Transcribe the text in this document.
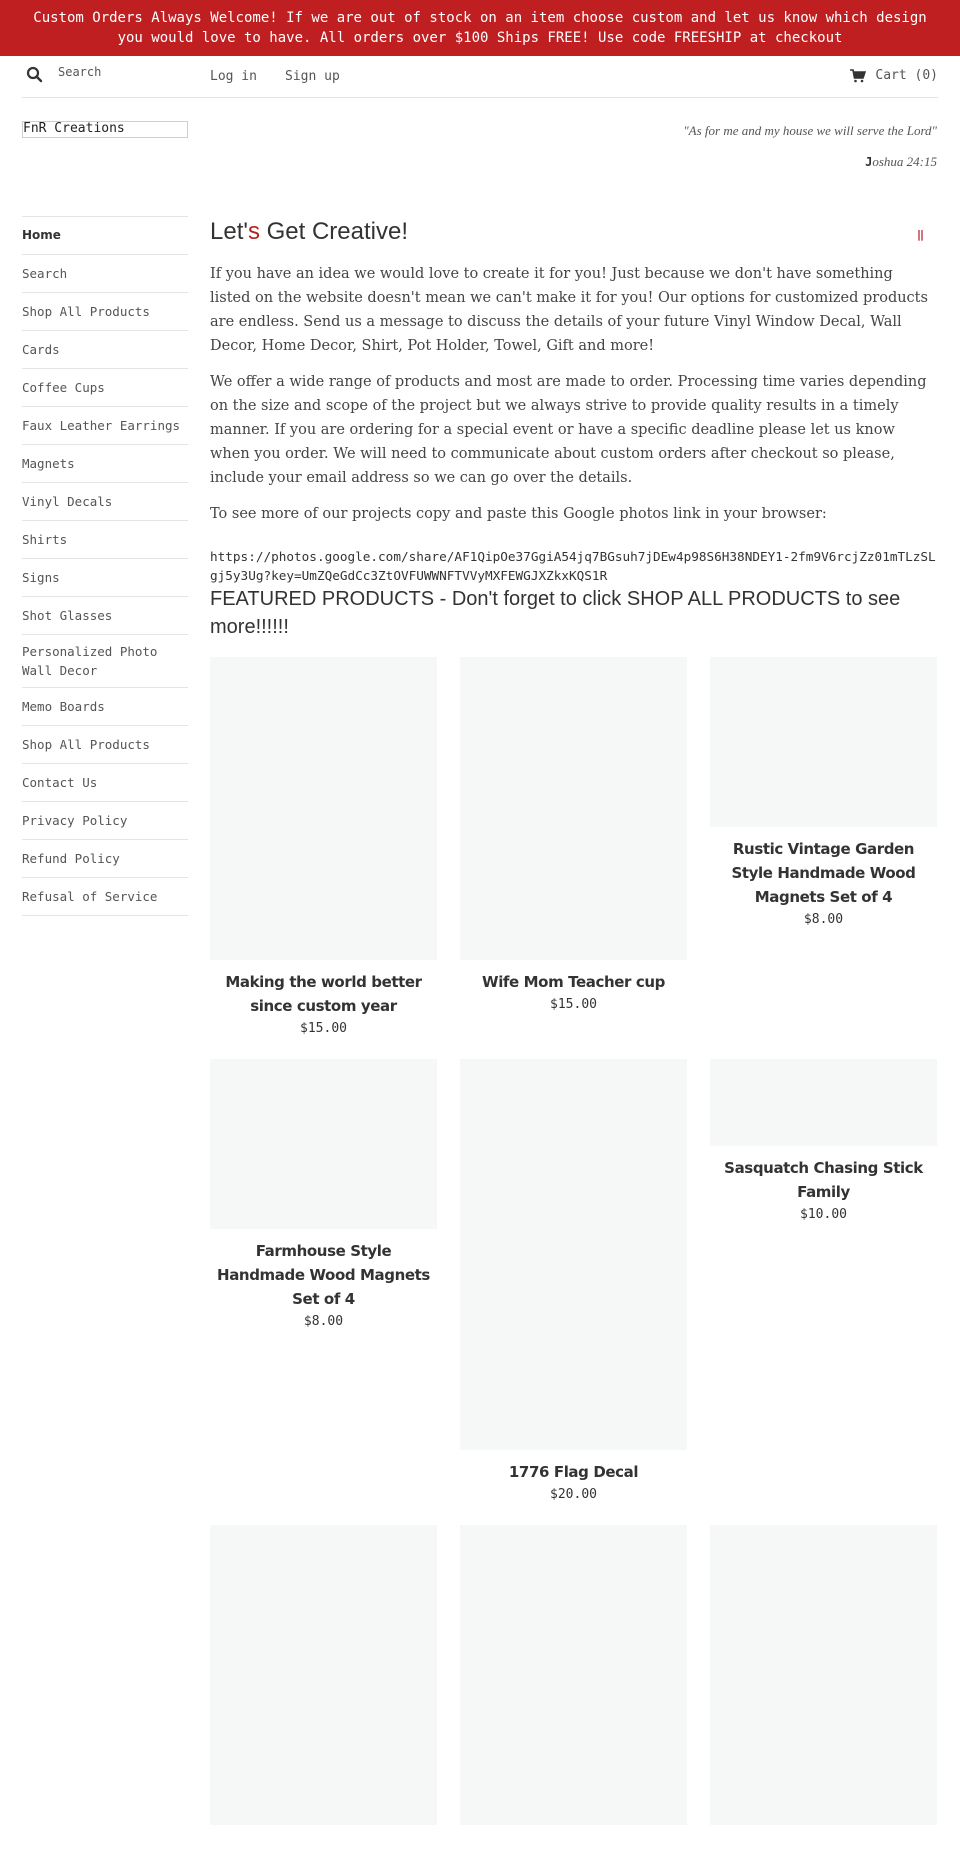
Custom Orders Always Welcome! If we are out of stock on an item choose custom and let us know which design you would love to have. All orders over $100 Ships FREE! Use code FREESHIP at checkout
Search
Log in Sign up	Cart (0)
FnR Creations
Home
Search
Shop All Products
Cards
Coffee Cups
Faux Leather Earrings
Magnets
Vinyl Decals
Shirts
Signs
Shot Glasses
Personalized Photo Wall Decor
Memo Boards
Shop All Products
Contact Us
Privacy Policy
Refund Policy
Refusal of Service
"As for me and my house we will serve the Lord"
Joshua 24:15
Let's Get Creative!	||

If you have an idea we would love to create it for you! Just because we don't have something listed on the website doesn't mean we can't make it for you! Our options for customized products are endless. Send us a message to discuss the details of your future Vinyl Window Decal, Wall Decor, Home Decor, Shirt, Pot Holder, Towel, Gift and more!

We offer a wide range of products and most are made to order. Processing time varies depending on the size and scope of the project but we always strive to provide quality results in a timely manner. If you are ordering for a special event or have a specific deadline please let us know when you order. We will need to communicate about custom orders after checkout so please, include your email address so we can go over the details.

To see more of our projects copy and paste this Google photos link in your browser:

https://photos.google.com/share/AF1QipOe37GgiA54jq7BGsuh7jDEw4p98S6H38NDEY1-2fm9V6rcjZz01mTLzSLgj5y3Ug?key=UmZQeGdCc3ZtOVFUWWNFTVVyMXFEWGJXZkxKQS1R
FEATURED PRODUCTS - Don't forget to click SHOP ALL PRODUCTS to see more!!!!!!
Making the world better since custom year
$15.00
Wife Mom Teacher cup
$15.00
Rustic Vintage Garden Style Handmade Wood Magnets Set of 4
$8.00
Farmhouse Style Handmade Wood Magnets Set of 4
$8.00
1776 Flag Decal
$20.00
Sasquatch Chasing Stick Family
$10.00
